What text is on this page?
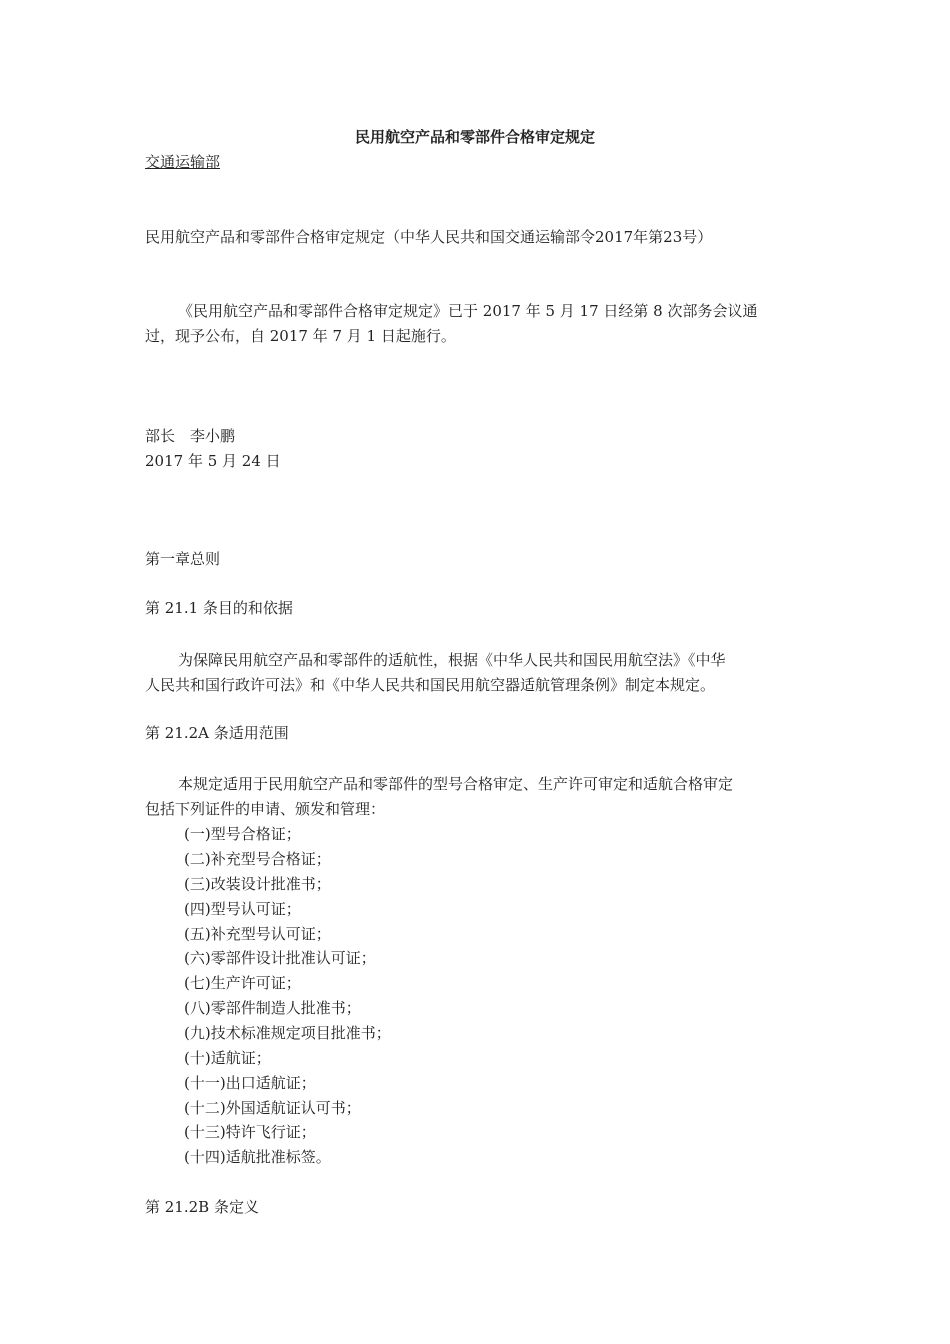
民用航空产品和零部件合格审定规定
交通运输部
民用航空产品和零部件合格审定规定（中华人民共和国交通运输部令2017年第23号）
《民用航空产品和零部件合格审定规定》已于 2017 年 5 月 17 日经第 8 次部务会议通
过，现予公布，自 2017 年 7 月 1 日起施行。
部长　李小鹏
2017 年 5 月 24 日
第一章总则
第 21.1 条目的和依据
为保障民用航空产品和零部件的适航性，根据《中华人民共和国民用航空法》《中华
人民共和国行政许可法》和《中华人民共和国民用航空器适航管理条例》制定本规定。
第 21.2A 条适用范围
本规定适用于民用航空产品和零部件的型号合格审定、生产许可审定和适航合格审定
包括下列证件的申请、颁发和管理：
(一)型号合格证；
(二)补充型号合格证；
(三)改装设计批准书；
(四)型号认可证；
(五)补充型号认可证；
(六)零部件设计批准认可证；
(七)生产许可证；
(八)零部件制造人批准书；
(九)技术标准规定项目批准书；
(十)适航证；
(十一)出口适航证；
(十二)外国适航证认可书；
(十三)特许飞行证；
(十四)适航批准标签。
第 21.2B 条定义
